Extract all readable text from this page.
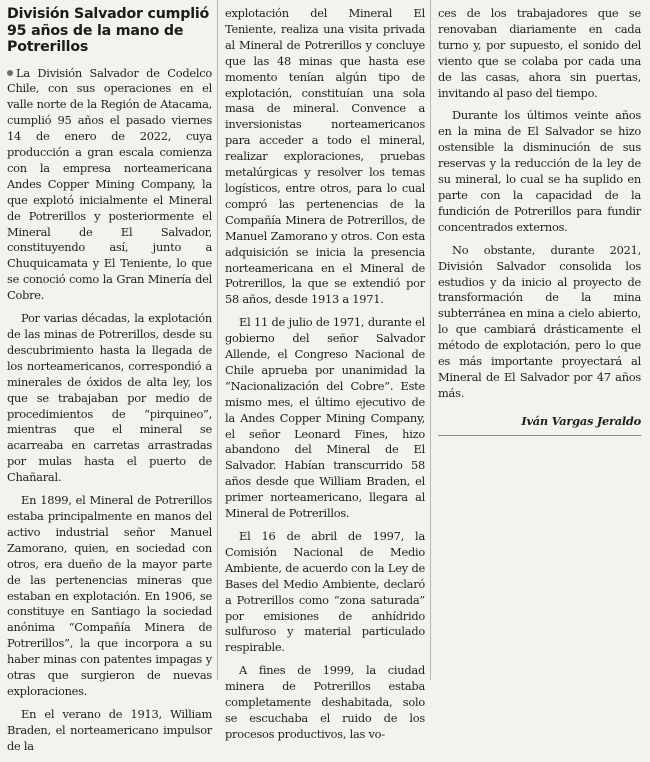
División Salvador cumplió 95 años de la mano de Potrerillos

La División Salvador de Codelco Chile, con sus operaciones en el valle norte de la Región de Atacama, cumplió 95 años el pasado viernes 14 de enero de 2022, cuya producción a gran escala comienza con la empresa norteamericana Andes Copper Mining Company, la que explotó inicialmente el Mineral de Potrerillos y posteriormente el Mineral de El Salvador, constituyendo así, junto a Chuquicamata y El Teniente, lo que se conoció como la Gran Minería del Cobre.

Por varias décadas, la explotación de las minas de Potrerillos, desde su descubrimiento hasta la llegada de los norteamericanos, correspondió a minerales de óxidos de alta ley, los que se trabajaban por medio de procedimientos de “pirquineo”, mientras que el mineral se acarreaba en carretas arrastradas por mulas hasta el puerto de Chañaral.

En 1899, el Mineral de Potrerillos estaba principalmente en manos del activo industrial señor Manuel Zamorano, quien, en sociedad con otros, era dueño de la mayor parte de las pertenencias mineras que estaban en explotación. En 1906, se constituye en Santiago la sociedad anónima “Compañía Minera de Potrerillos”, la que incorpora a su haber minas con patentes impagas y otras que surgieron de nuevas exploraciones.

En el verano de 1913, William Braden, el norteamericano impulsor de la

explotación del Mineral El Teniente, realiza una visita privada al Mineral de Potrerillos y concluye que las 48 minas que hasta ese momento tenían algún tipo de explotación, constituían una sola masa de mineral. Convence a inversionistas norteamericanos para acceder a todo el mineral, realizar exploraciones, pruebas metalúrgicas y resolver los temas logísticos, entre otros, para lo cual compró las pertenencias de la Compañía Minera de Potrerillos, de Manuel Zamorano y otros. Con esta adquisición se inicia la presencia norteamericana en el Mineral de Potrerillos, la que se extendió por 58 años, desde 1913 a 1971.

El 11 de julio de 1971, durante el gobierno del señor Salvador Allende, el Congreso Nacional de Chile aprueba por unanimidad la “Nacionalización del Cobre”. Este mismo mes, el último ejecutivo de la Andes Copper Mining Company, el señor Leonard Fines, hizo abandono del Mineral de El Salvador. Habían transcurrido 58 años desde que William Braden, el primer norteamericano, llegara al Mineral de Potrerillos.

El 16 de abril de 1997, la Comisión Nacional de Medio Ambiente, de acuerdo con la Ley de Bases del Medio Ambiente, declaró a Potrerillos como “zona saturada” por emisiones de anhídrido sulfuroso y material particulado respirable.

A fines de 1999, la ciudad minera de Potrerillos estaba completamente deshabitada, solo se escuchaba el ruido de los procesos productivos, las vo-

ces de los trabajadores que se renovaban diariamente en cada turno y, por supuesto, el sonido del viento que se colaba por cada una de las casas, ahora sin puertas, invitando al paso del tiempo.

Durante los últimos veinte años en la mina de El Salvador se hizo ostensible la disminución de sus reservas y la reducción de la ley de su mineral, lo cual se ha suplido en parte con la capacidad de la fundición de Potrerillos para fundir concentrados externos.

No obstante, durante 2021, División Salvador consolida los estudios y da inicio al proyecto de transformación de la mina subterránea en mina a cielo abierto, lo que cambiará drásticamente el método de explotación, pero lo que es más importante proyectará al Mineral de El Salvador por 47 años más.

Iván Vargas Jeraldo
